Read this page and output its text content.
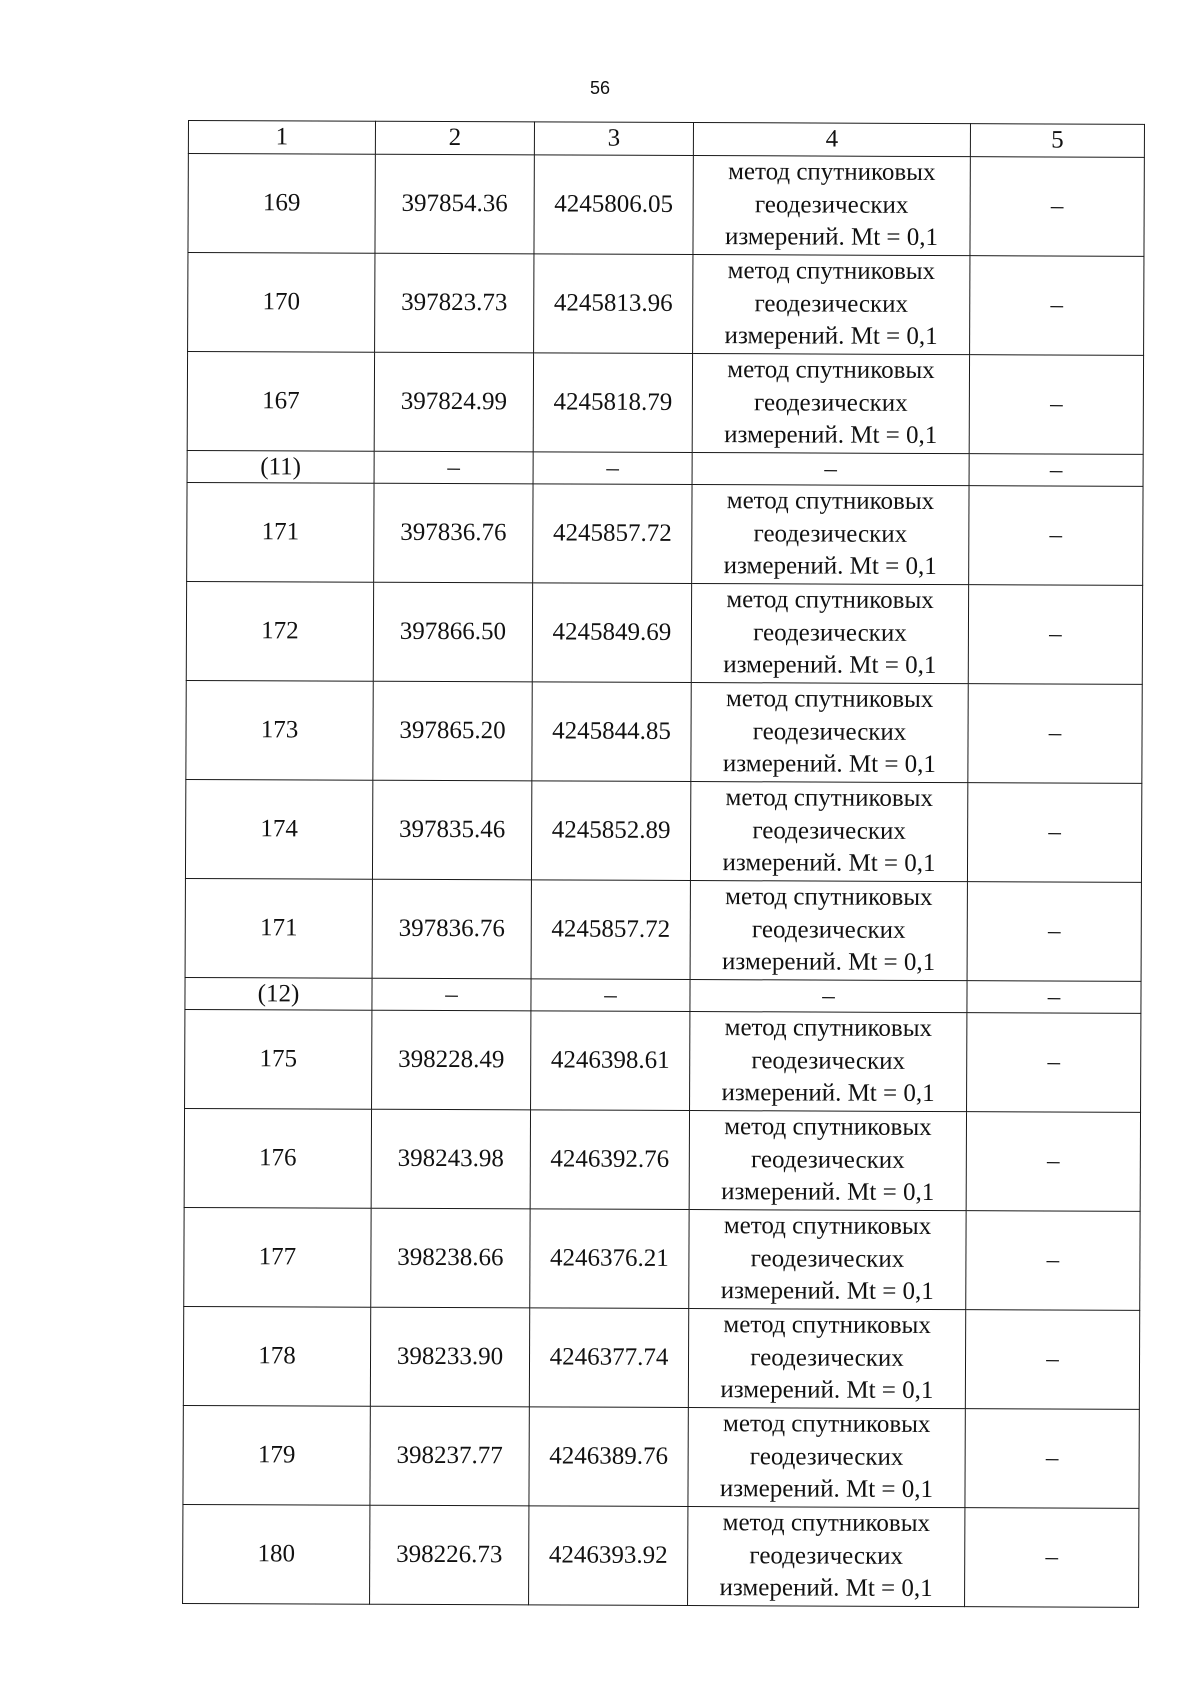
56
1	2	3	4	5
169	397854.36	4245806.05	метод спутниковых
геодезических
измерений. Mt = 0,1	–
170	397823.73	4245813.96	метод спутниковых
геодезических
измерений. Mt = 0,1	–
167	397824.99	4245818.79	метод спутниковых
геодезических
измерений. Mt = 0,1	–
(11)	–	–	–	–
171	397836.76	4245857.72	метод спутниковых
геодезических
измерений. Mt = 0,1	–
172	397866.50	4245849.69	метод спутниковых
геодезических
измерений. Mt = 0,1	–
173	397865.20	4245844.85	метод спутниковых
геодезических
измерений. Mt = 0,1	–
174	397835.46	4245852.89	метод спутниковых
геодезических
измерений. Mt = 0,1	–
171	397836.76	4245857.72	метод спутниковых
геодезических
измерений. Mt = 0,1	–
(12)	–	–	–	–
175	398228.49	4246398.61	метод спутниковых
геодезических
измерений. Mt = 0,1	–
176	398243.98	4246392.76	метод спутниковых
геодезических
измерений. Mt = 0,1	–
177	398238.66	4246376.21	метод спутниковых
геодезических
измерений. Mt = 0,1	–
178	398233.90	4246377.74	метод спутниковых
геодезических
измерений. Mt = 0,1	–
179	398237.77	4246389.76	метод спутниковых
геодезических
измерений. Mt = 0,1	–
180	398226.73	4246393.92	метод спутниковых
геодезических
измерений. Mt = 0,1	–
